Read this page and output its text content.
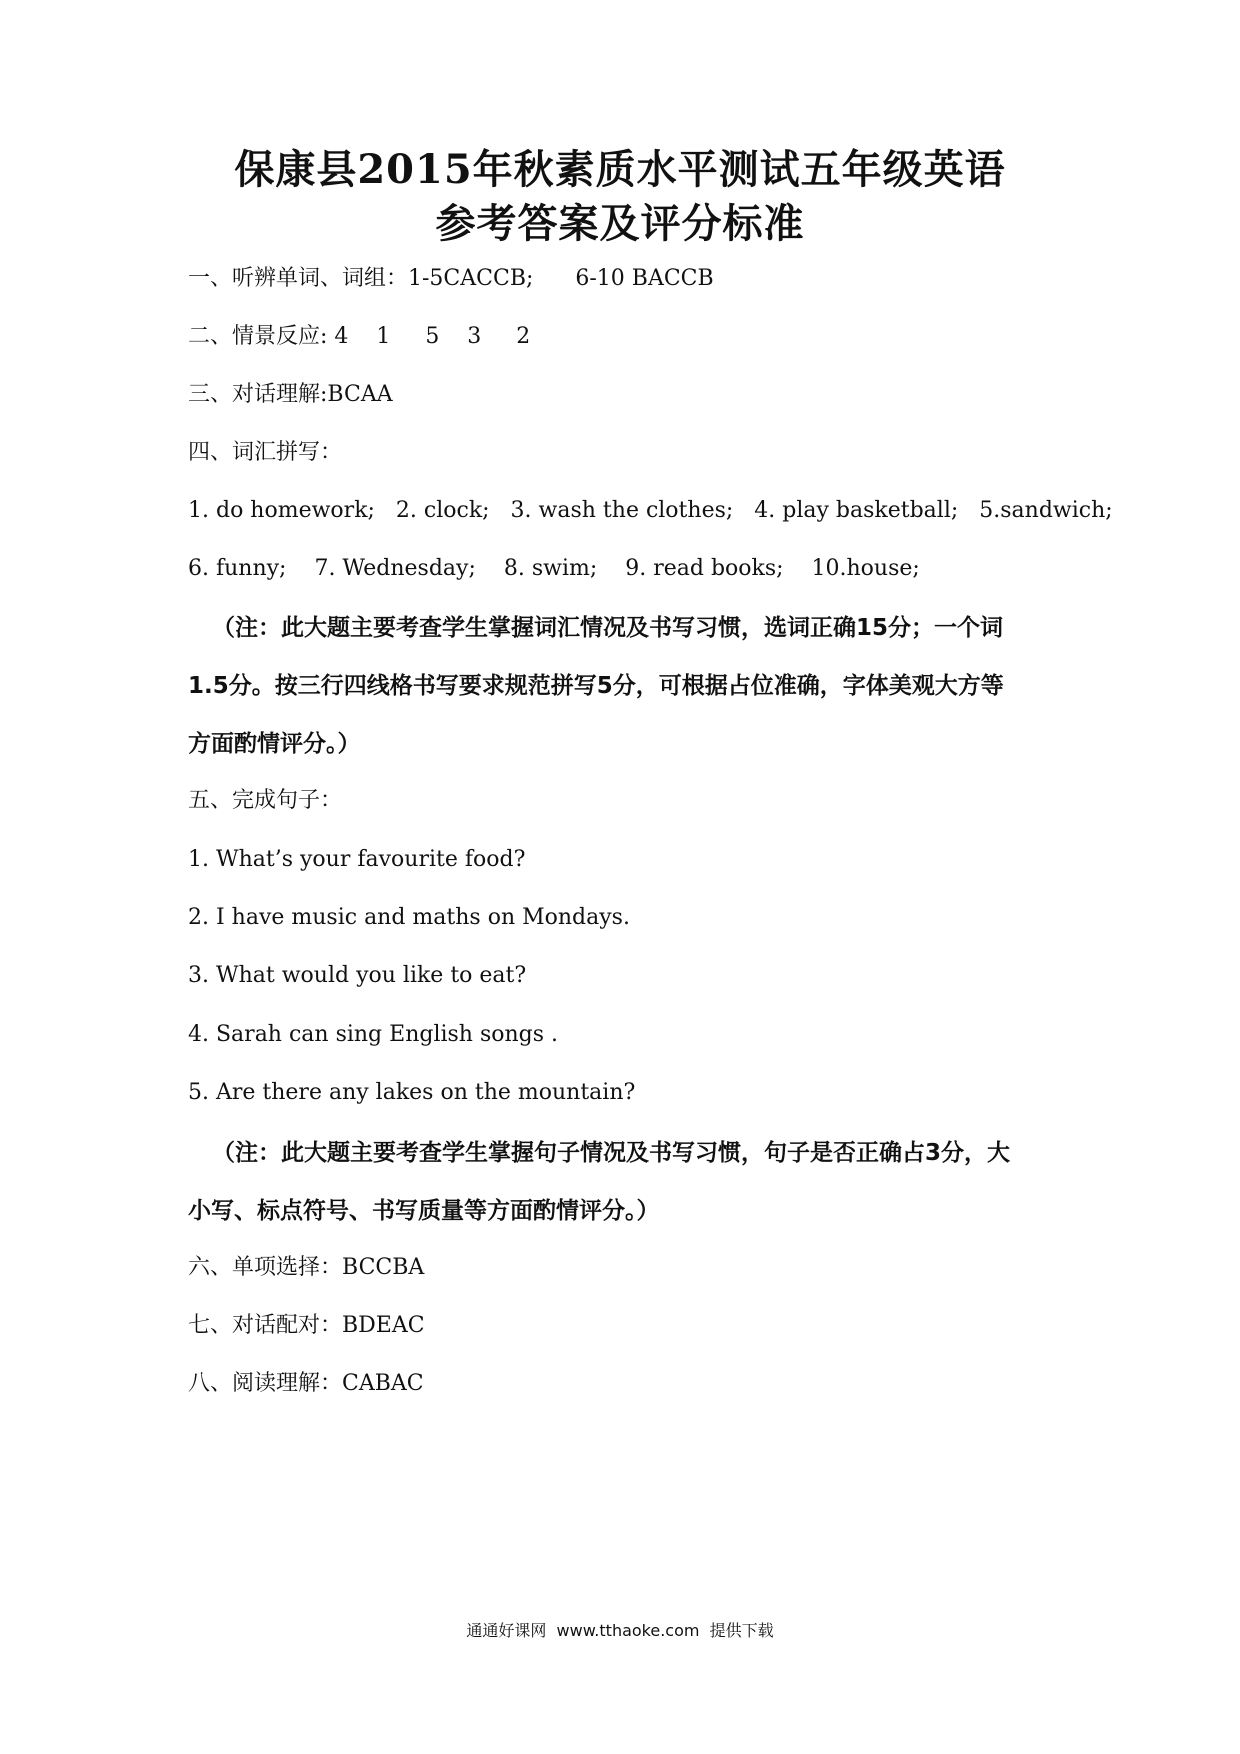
保康县2015年秋素质水平测试五年级英语
参考答案及评分标准
一、听辨单词、词组：1-5CACCB;      6-10 BACCB
二、情景反应: 4    1     5    3     2
三、对话理解:BCAA
四、词汇拼写：
1. do homework;   2. clock;   3. wash the clothes;   4. play basketball;   5.sandwich;
6. funny;    7. Wednesday;    8. swim;    9. read books;    10.house;
（注：此大题主要考查学生掌握词汇情况及书写习惯，选词正确15分；一个词
1.5分。按三行四线格书写要求规范拼写5分，可根据占位准确，字体美观大方等
方面酌情评分。）
五、完成句子：
1. What’s your favourite food?
2. I have music and maths on Mondays.
3. What would you like to eat?
4. Sarah can sing English songs .
5. Are there any lakes on the mountain?
（注：此大题主要考查学生掌握句子情况及书写习惯，句子是否正确占3分，大
小写、标点符号、书写质量等方面酌情评分。）
六、单项选择：BCCBA
七、对话配对：BDEAC
八、阅读理解：CABAC
通通好课网  www.tthaoke.com  提供下载
